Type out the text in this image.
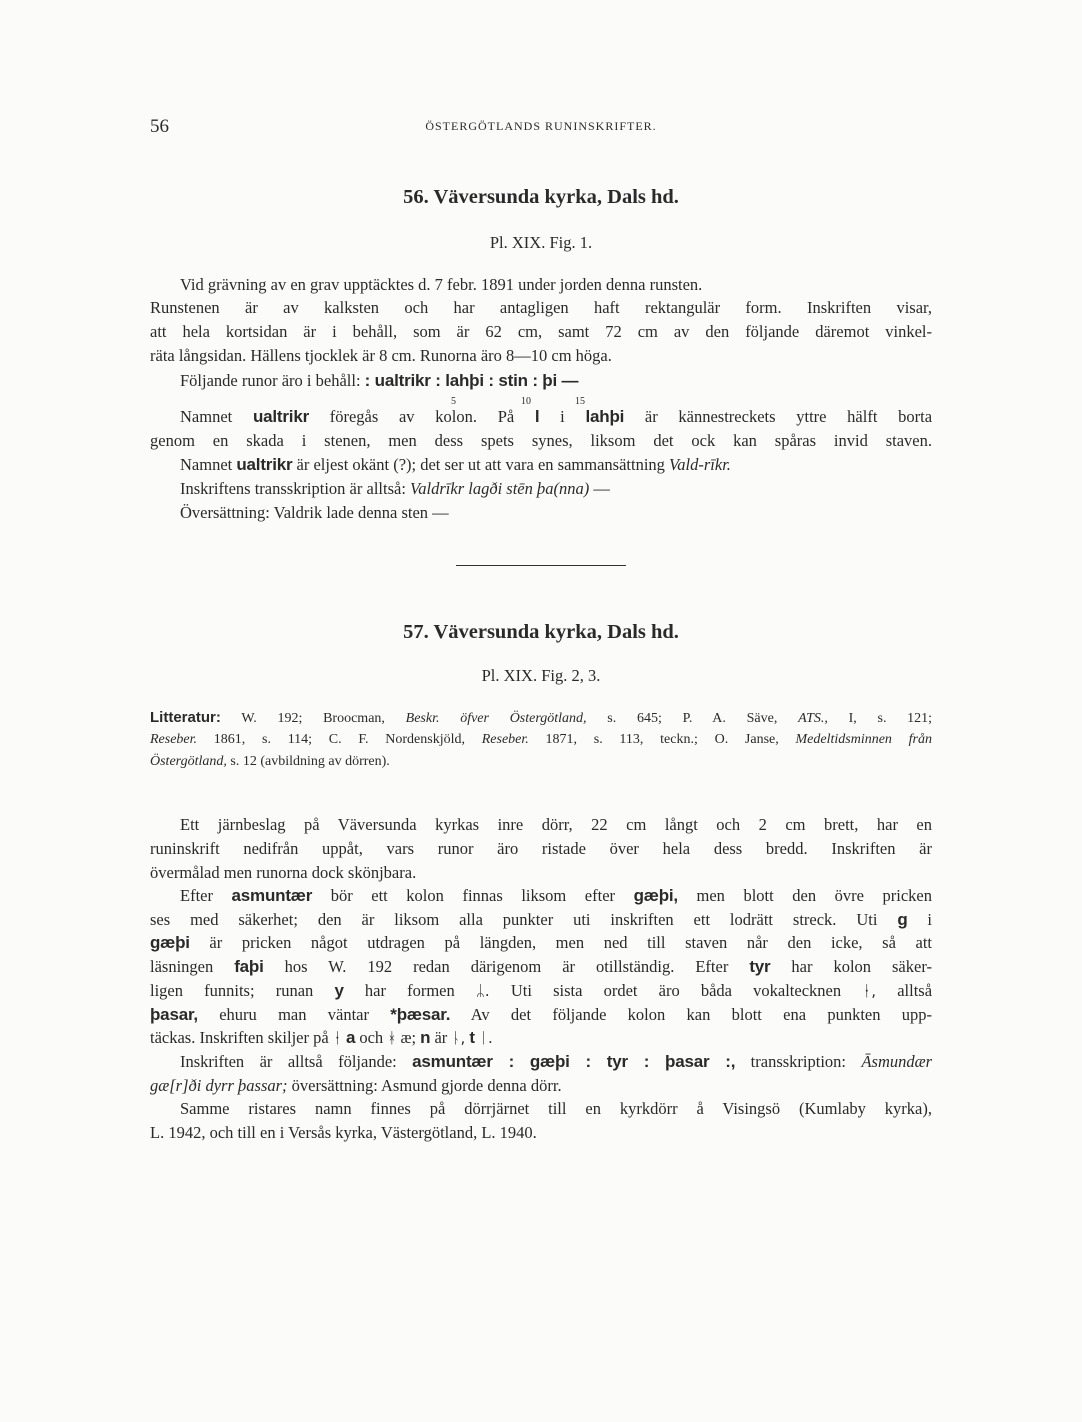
56	ÖSTERGÖTLANDS RUNINSKRIFTER.
56. Väversunda kyrka, Dals hd.
Pl. XIX. Fig. 1.
Vid grävning av en grav upptäcktes d. 7 febr. 1891 under jorden denna runsten.
Runstenen är av kalksten och har antagligen haft rektangulär form. Inskriften visar,
att hela kortsidan är i behåll, som är 62 cm, samt 72 cm av den följande däremot vinkel-
räta långsidan. Hällens tjocklek är 8 cm. Runorna äro 8—10 cm höga.
Följande runor äro i behåll: : ualtrikr : lahþi : stin : þi —
5	10	15
Namnet ualtrikr föregås av kolon. På l i lahþi är kännestreckets yttre hälft borta
genom en skada i stenen, men dess spets synes, liksom det ock kan spåras invid staven.
Namnet ualtrikr är eljest okänt (?); det ser ut att vara en sammansättning Vald-rīkr.
Inskriftens transskription är alltså: Valdrīkr lagði stēn þa(nna) —
Översättning: Valdrik lade denna sten —
57. Väversunda kyrka, Dals hd.
Pl. XIX. Fig. 2, 3.
Litteratur: W. 192; Broocman, Beskr. öfver Östergötland, s. 645; P. A. Säve, ATS., I, s. 121;
Reseber. 1861, s. 114; C. F. Nordenskjöld, Reseber. 1871, s. 113, teckn.; O. Janse, Medeltidsminnen från
Östergötland, s. 12 (avbildning av dörren).
Ett järnbeslag på Väversunda kyrkas inre dörr, 22 cm långt och 2 cm brett, har en
runinskrift nedifrån uppåt, vars runor äro ristade över hela dess bredd. Inskriften är
övermålad men runorna dock skönjbara.
Efter asmuntær bör ett kolon finnas liksom efter gæþi, men blott den övre pricken
ses med säkerhet; den är liksom alla punkter uti inskriften ett lodrätt streck. Uti g i
gæþi är pricken något utdragen på längden, men ned till staven når den icke, så att
läsningen faþi hos W. 192 redan därigenom är otillständig. Efter tyr har kolon säker-
ligen funnits; runan y har formen ᛦ. Uti sista ordet äro båda vokaltecknen ᚽ, alltså
þasar, ehuru man väntar *þæsar. Av det följande kolon kan blott ena punkten upp-
täckas. Inskriften skiljer på ᚽ a och ᚼ æ; n är ᚿ, t ᛁ.
Inskriften är alltså följande: asmuntær : gæþi : tyr : þasar :, transskription: Āsmundær
gæ[r]ði dyrr þassar; översättning: Asmund gjorde denna dörr.
Samme ristares namn finnes på dörrjärnet till en kyrkdörr å Visingsö (Kumlaby kyrka),
L. 1942, och till en i Versås kyrka, Västergötland, L. 1940.
